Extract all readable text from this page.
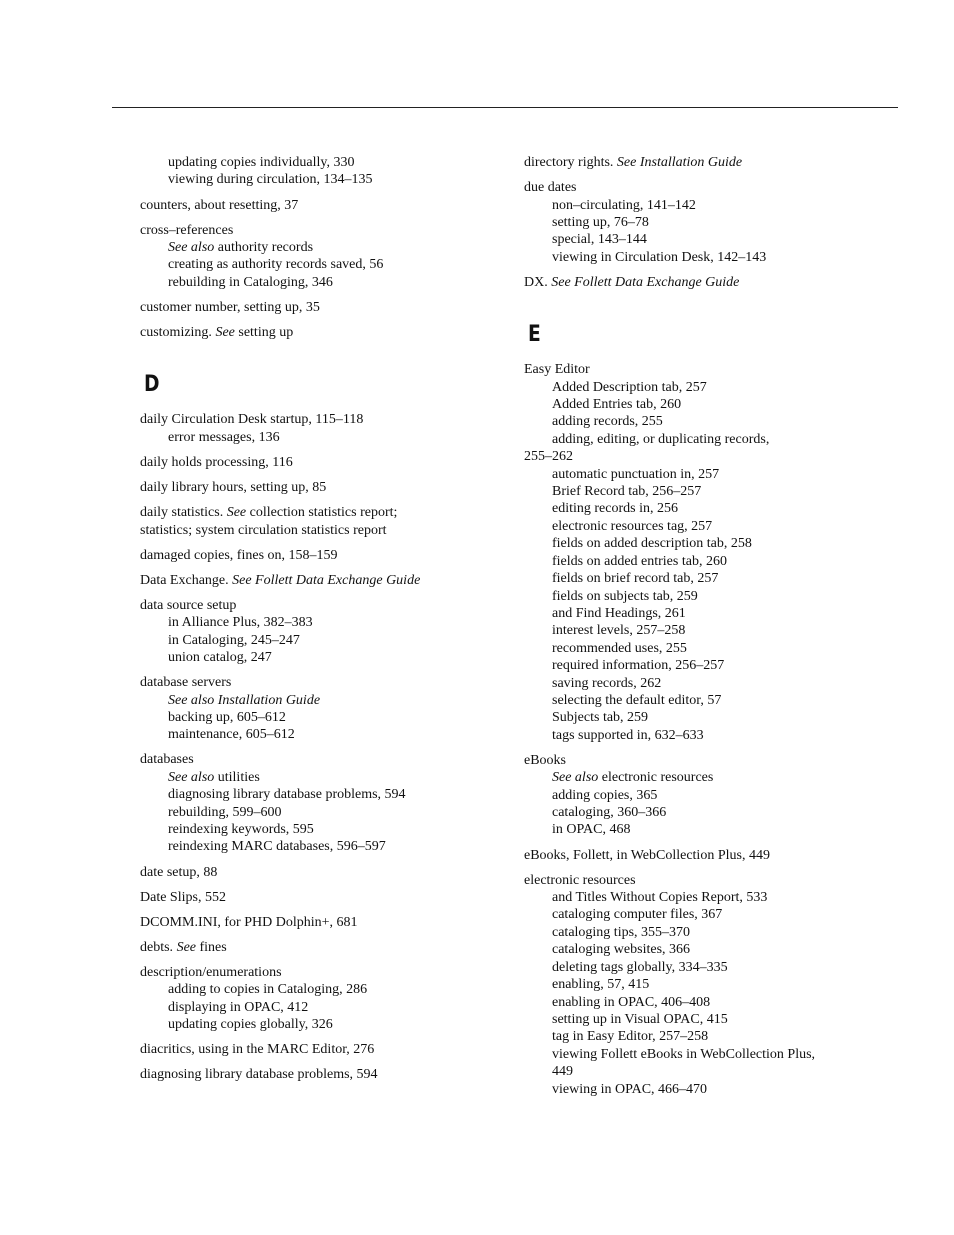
updating copies individually, 330
viewing during circulation, 134–135
counters, about resetting, 37
cross–references
See also authority records
creating as authority records saved, 56
rebuilding in Cataloging, 346
customer number, setting up, 35
customizing. See setting up
D
daily Circulation Desk startup, 115–118
error messages, 136
daily holds processing, 116
daily library hours, setting up, 85
daily statistics. See collection statistics report;
statistics; system circulation statistics report
damaged copies, fines on, 158–159
Data Exchange. See Follett Data Exchange Guide
data source setup
in Alliance Plus, 382–383
in Cataloging, 245–247
union catalog, 247
database servers
See also Installation Guide
backing up, 605–612
maintenance, 605–612
databases
See also utilities
diagnosing library database problems, 594
rebuilding, 599–600
reindexing keywords, 595
reindexing MARC databases, 596–597
date setup, 88
Date Slips, 552
DCOMM.INI, for PHD Dolphin+, 681
debts. See fines
description/enumerations
adding to copies in Cataloging, 286
displaying in OPAC, 412
updating copies globally, 326
diacritics, using in the MARC Editor, 276
diagnosing library database problems, 594
directory rights. See Installation Guide
due dates
non–circulating, 141–142
setting up, 76–78
special, 143–144
viewing in Circulation Desk, 142–143
DX. See Follett Data Exchange Guide
E
Easy Editor
Added Description tab, 257
Added Entries tab, 260
adding records, 255
adding, editing, or duplicating records,
255–262
automatic punctuation in, 257
Brief Record tab, 256–257
editing records in, 256
electronic resources tag, 257
fields on added description tab, 258
fields on added entries tab, 260
fields on brief record tab, 257
fields on subjects tab, 259
and Find Headings, 261
interest levels, 257–258
recommended uses, 255
required information, 256–257
saving records, 262
selecting the default editor, 57
Subjects tab, 259
tags supported in, 632–633
eBooks
See also electronic resources
adding copies, 365
cataloging, 360–366
in OPAC, 468
eBooks, Follett, in WebCollection Plus, 449
electronic resources
and Titles Without Copies Report, 533
cataloging computer files, 367
cataloging tips, 355–370
cataloging websites, 366
deleting tags globally, 334–335
enabling, 57, 415
enabling in OPAC, 406–408
setting up in Visual OPAC, 415
tag in Easy Editor, 257–258
viewing Follett eBooks in WebCollection Plus,
449
viewing in OPAC, 466–470
